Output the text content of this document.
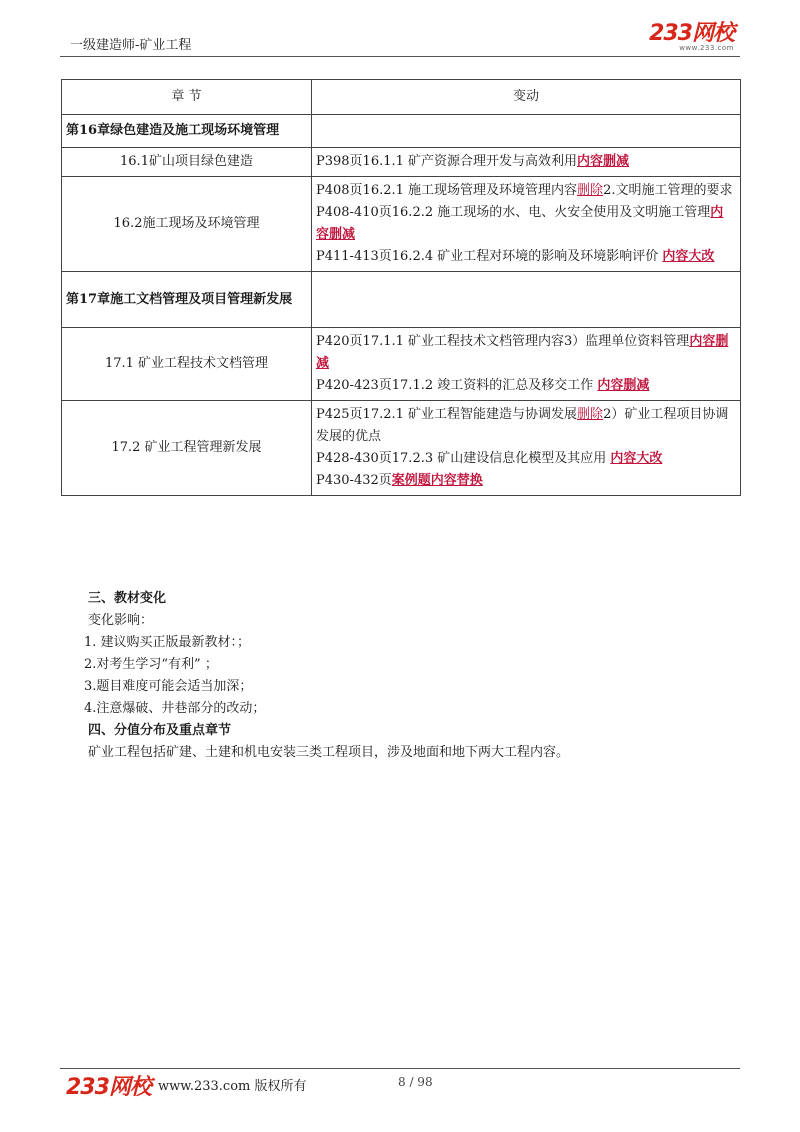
一级建造师-矿业工程	233网校
www.233.com
章 节	变动
第16章绿色建造及施工现场环境管理	
16.1矿山项目绿色建造	P398页16.1.1 矿产资源合理开发与高效利用内容删减

16.2施工现场及环境管理	P408页16.2.1 施工现场管理及环境管理内容删除2.文明施工管理的要求
P408-410页16.2.2 施工现场的水、电、火安全使用及文明施工管理内容删减
P411-413页16.2.4 矿业工程对环境的影响及环境影响评价 内容大改

第17章施工文档管理及项目管理新发展	
17.1 矿业工程技术文档管理	P420页17.1.1 矿业工程技术文档管理内容3）监理单位资料管理内容删减
P420-423页17.1.2 竣工资料的汇总及移交工作 内容删减

17.2 矿业工程管理新发展	P425页17.2.1 矿业工程智能建造与协调发展删除2）矿业工程项目协调发展的优点
P428-430页17.2.3 矿山建设信息化模型及其应用 内容大改
P430-432页案例题内容替换

三、教材变化

变化影响：

1. 建议购买正版最新教材：；

2.对考生学习“有利” ；

3.题目难度可能会适当加深；

4.注意爆破、井巷部分的改动；

四、分值分布及重点章节

矿业工程包括矿建、土建和机电安装三类工程项目，涉及地面和地下两大工程内容。

233网校 www.233.com 版权所有	8 / 98
